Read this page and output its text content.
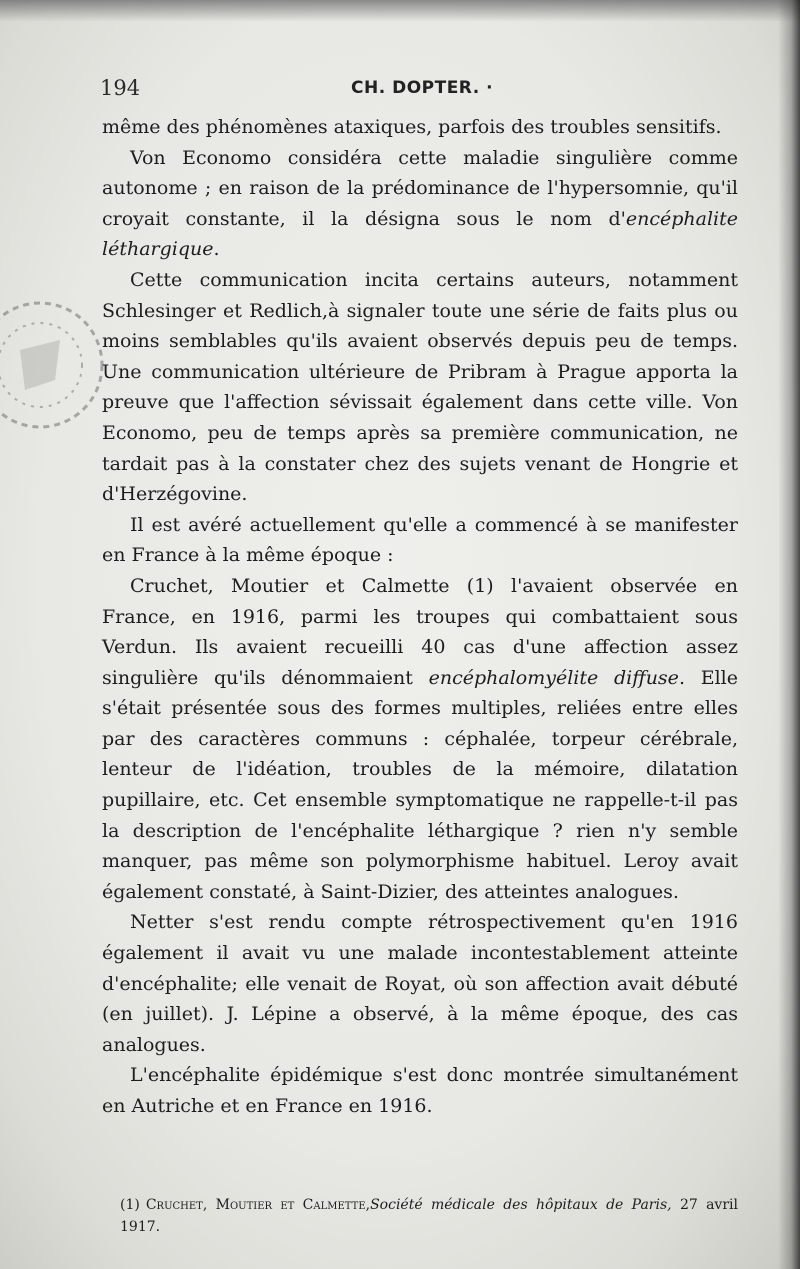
194	CH. DOPTER. ·

même des phénomènes ataxiques, parfois des troubles sensitifs.

Von Economo considéra cette maladie singulière comme autonome ; en raison de la prédominance de l'hypersomnie, qu'il croyait constante, il la désigna sous le nom d'encéphalite léthargique.

Cette communication incita certains auteurs, notamment Schlesinger et Redlich,à signaler toute une série de faits plus ou moins semblables qu'ils avaient observés depuis peu de temps. Une communication ultérieure de Pribram à Prague apporta la preuve que l'affection sévissait également dans cette ville. Von Economo, peu de temps après sa première communication, ne tardait pas à la constater chez des sujets venant de Hongrie et d'Herzégovine.

Il est avéré actuellement qu'elle a commencé à se manifester en France à la même époque :

Cruchet, Moutier et Calmette (1) l'avaient observée en France, en 1916, parmi les troupes qui combattaient sous Verdun. Ils avaient recueilli 40 cas d'une affection assez singulière qu'ils dénommaient encéphalomyélite diffuse. Elle s'était présentée sous des formes multiples, reliées entre elles par des caractères communs : céphalée, torpeur cérébrale, lenteur de l'idéation, troubles de la mémoire, dilatation pupillaire, etc. Cet ensemble symptomatique ne rappelle-t-il pas la description de l'encéphalite léthargique ? rien n'y semble manquer, pas même son polymorphisme habituel. Leroy avait également constaté, à Saint-Dizier, des atteintes analogues.

Netter s'est rendu compte rétrospectivement qu'en 1916 également il avait vu une malade incontestablement atteinte d'encéphalite; elle venait de Royat, où son affection avait débuté (en juillet). J. Lépine a observé, à la même époque, des cas analogues.

L'encéphalite épidémique s'est donc montrée simultanément en Autriche et en France en 1916.

(1) Cruchet, Moutier et Calmette,Société médicale des hôpitaux de Paris, 27 avril 1917.
